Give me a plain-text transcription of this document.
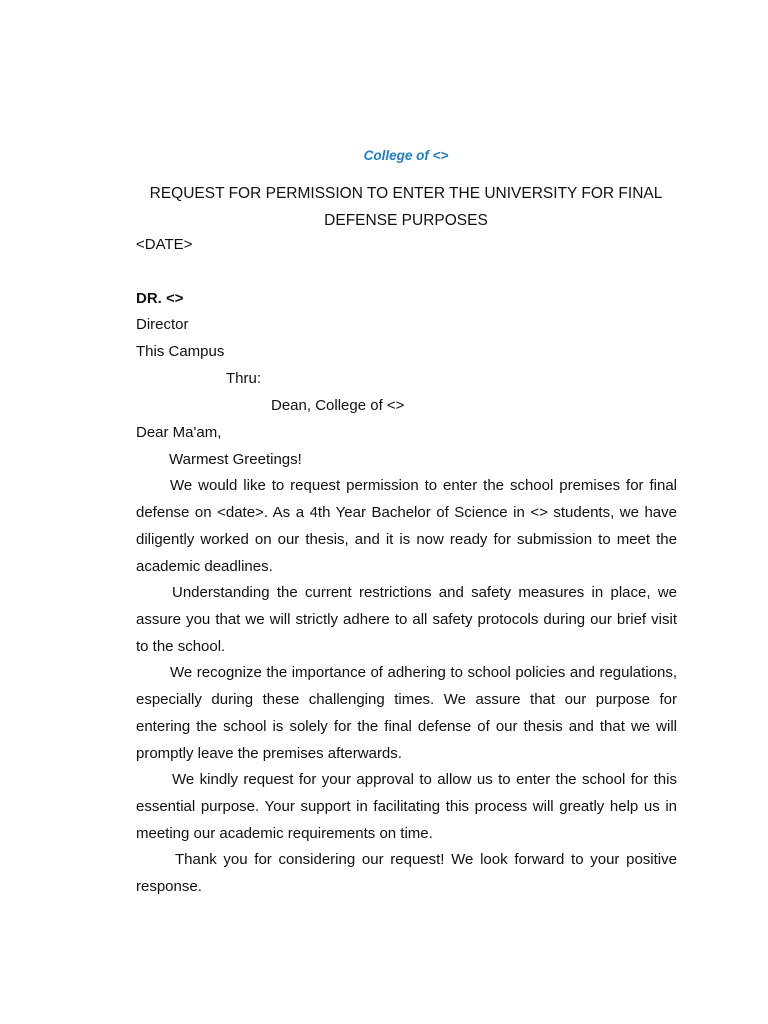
College of <>
REQUEST FOR PERMISSION TO ENTER THE UNIVERSITY FOR FINAL DEFENSE PURPOSES
<DATE>
DR. <>
Director
This Campus
Thru:
Dean, College of <>
Dear Ma'am,
Warmest Greetings!
We would like to request permission to enter the school premises for final defense on <date>. As a 4th Year Bachelor of Science in <> students, we have diligently worked on our thesis, and it is now ready for submission to meet the academic deadlines.
Understanding the current restrictions and safety measures in place, we assure you that we will strictly adhere to all safety protocols during our brief visit to the school.
We recognize the importance of adhering to school policies and regulations, especially during these challenging times. We assure that our purpose for entering the school is solely for the final defense of our thesis and that we will promptly leave the premises afterwards.
We kindly request for your approval to allow us to enter the school for this essential purpose. Your support in facilitating this process will greatly help us in meeting our academic requirements on time.
Thank you for considering our request! We look forward to your positive response.
